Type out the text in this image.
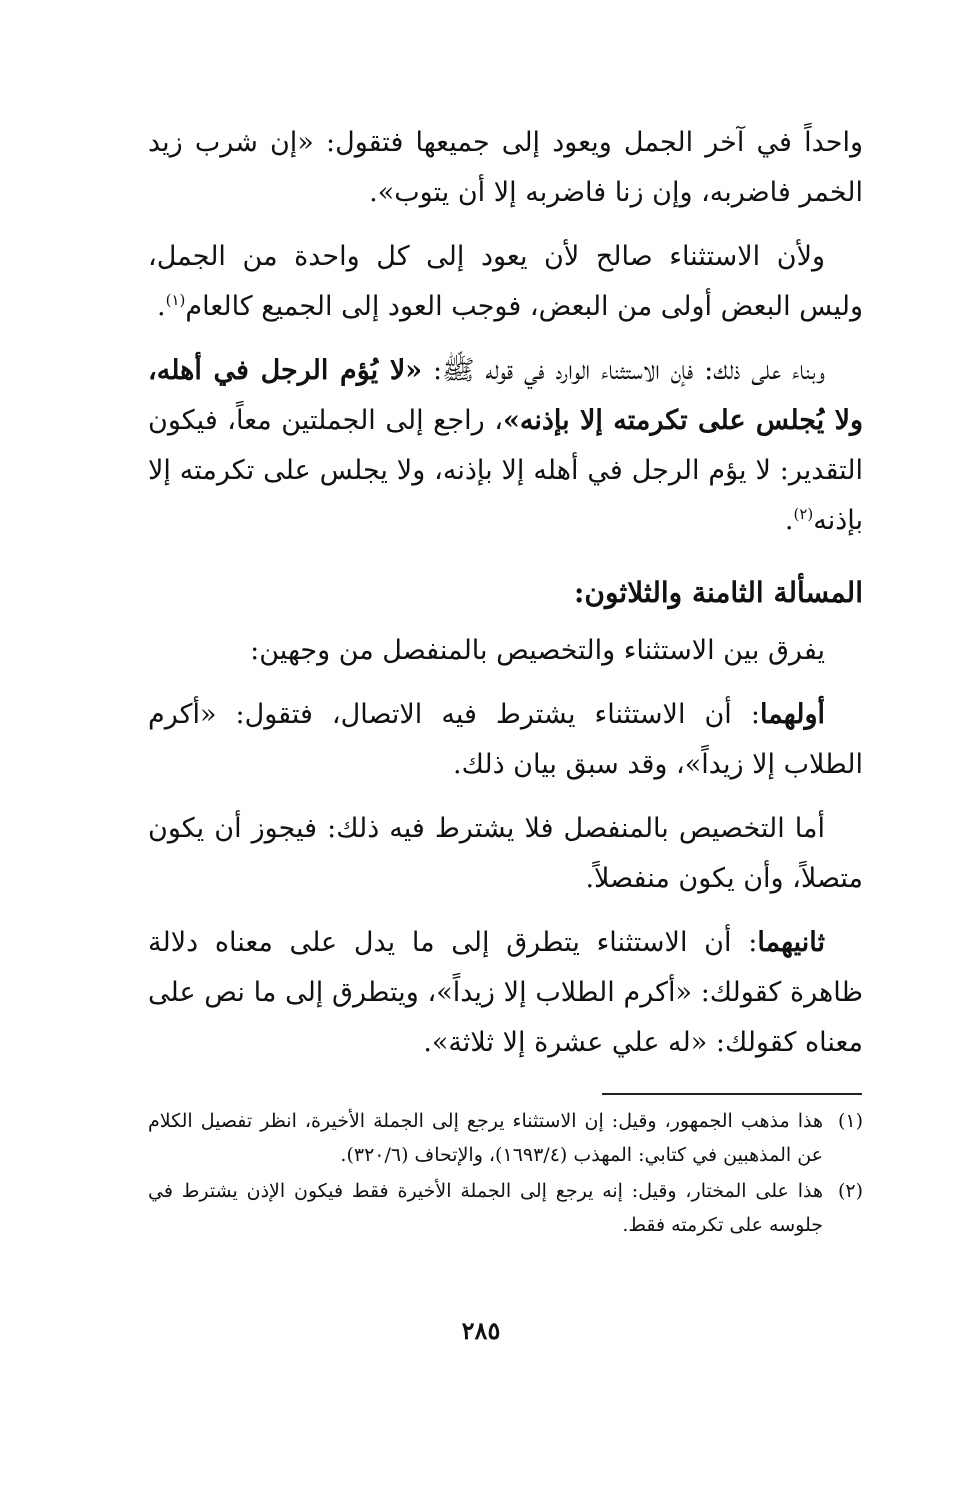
واحداً في آخر الجمل ويعود إلى جميعها فتقول: «إن شرب زيد الخمر فاضربه، وإن زنا فاضربه إلا أن يتوب».

ولأن الاستثناء صالح لأن يعود إلى كل واحدة من الجمل، وليس البعض أولى من البعض، فوجب العود إلى الجميع كالعام$^{(١)}$.

وبناء على ذلك: فإن الاستثناء الوارد في قوله ﷺ: «لا يُؤم الرجل في أهله، ولا يُجلس على تكرمته إلا بإذنه»، راجع إلى الجملتين معاً، فيكون التقدير: لا يؤم الرجل في أهله إلا بإذنه، ولا يجلس على تكرمته إلا بإذنه$^{(٢)}$.

المسألة الثامنة والثلاثون:

يفرق بين الاستثناء والتخصيص بالمنفصل من وجهين:

أولهما: أن الاستثناء يشترط فيه الاتصال، فتقول: «أكرم الطلاب إلا زيداً»، وقد سبق بيان ذلك.

أما التخصيص بالمنفصل فلا يشترط فيه ذلك: فيجوز أن يكون متصلاً، وأن يكون منفصلاً.

ثانيهما: أن الاستثناء يتطرق إلى ما يدل على معناه دلالة ظاهرة كقولك: «أكرم الطلاب إلا زيداً»، ويتطرق إلى ما نص على معناه كقولك: «له علي عشرة إلا ثلاثة».

(١)
هذا مذهب الجمهور، وقيل: إن الاستثناء يرجع إلى الجملة الأخيرة، انظر تفصيل الكلام عن المذهبين في كتابي: المهذب (١٦٩٣/٤)، والإتحاف (٣٢٠/٦).
(٢)
هذا على المختار، وقيل: إنه يرجع إلى الجملة الأخيرة فقط فيكون الإذن يشترط في جلوسه على تكرمته فقط.
٢٨٥
